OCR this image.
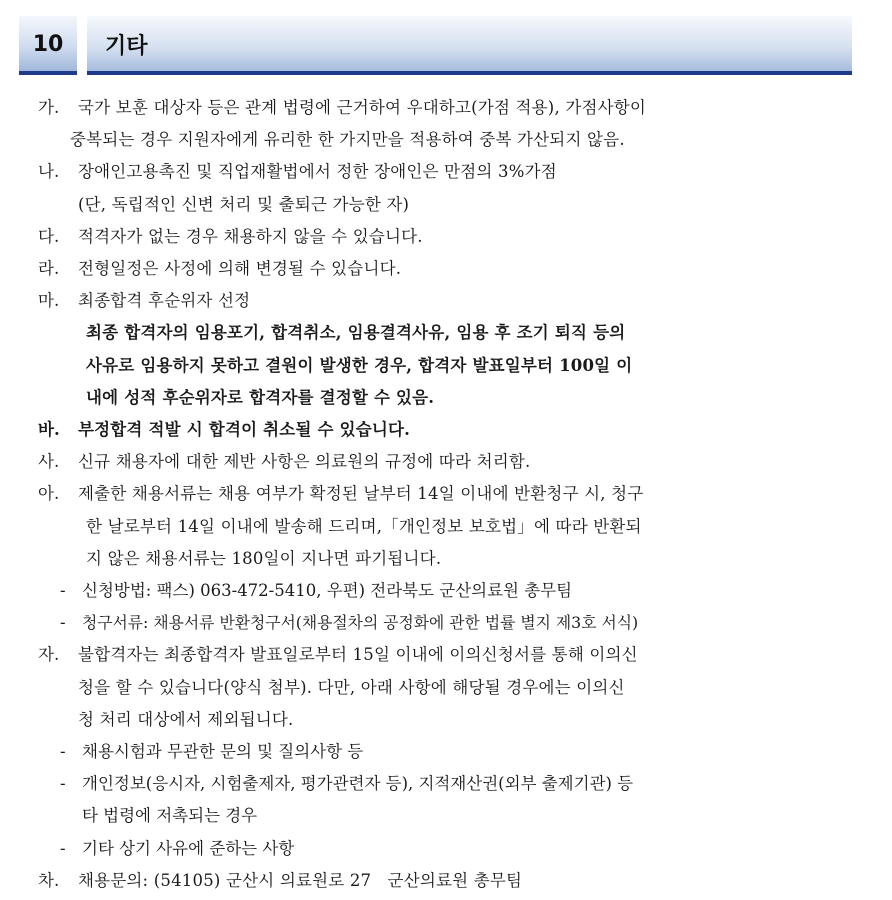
10 기타
가.	국가 보훈 대상자 등은 관계 법령에 근거하여 우대하고(가점 적용), 가점사항이
중복되는 경우 지원자에게 유리한 한 가지만을 적용하여 중복 가산되지 않음.
나.	장애인고용촉진 및 직업재활법에서 정한 장애인은 만점의 3%가점
(단, 독립적인 신변 처리 및 출퇴근 가능한 자)
다.	적격자가 없는 경우 채용하지 않을 수 있습니다.
라.	전형일정은 사정에 의해 변경될 수 있습니다.
마.	최종합격 후순위자 선정
최종 합격자의 임용포기, 합격취소, 임용결격사유, 임용 후 조기 퇴직 등의
사유로 임용하지 못하고 결원이 발생한 경우, 합격자 발표일부터 100일 이
내에 성적 후순위자로 합격자를 결정할 수 있음.
바.	부정합격 적발 시 합격이 취소될 수 있습니다.
사.	신규 채용자에 대한 제반 사항은 의료원의 규정에 따라 처리함.
아.	제출한 채용서류는 채용 여부가 확정된 날부터 14일 이내에 반환청구 시, 청구
한 날로부터 14일 이내에 발송해 드리며,「개인정보 보호법」에 따라 반환되
지 않은 채용서류는 180일이 지나면 파기됩니다.
- 신청방법: 팩스) 063-472-5410, 우편) 전라북도 군산의료원 총무팀
-	청구서류: 채용서류 반환청구서(채용절차의 공정화에 관한 법률 별지 제3호 서식)
자.	불합격자는 최종합격자 발표일로부터 15일 이내에 이의신청서를 통해 이의신
청을 할 수 있습니다(양식 첨부). 다만, 아래 사항에 해당될 경우에는 이의신
청 처리 대상에서 제외됩니다.
- 채용시험과 무관한 문의 및 질의사항 등
- 개인정보(응시자, 시험출제자, 평가관련자 등), 지적재산권(외부 출제기관) 등
타 법령에 저촉되는 경우
- 기타 상기 사유에 준하는 사항
차.	채용문의: (54105) 군산시 의료원로 27   군산의료원 총무팀
